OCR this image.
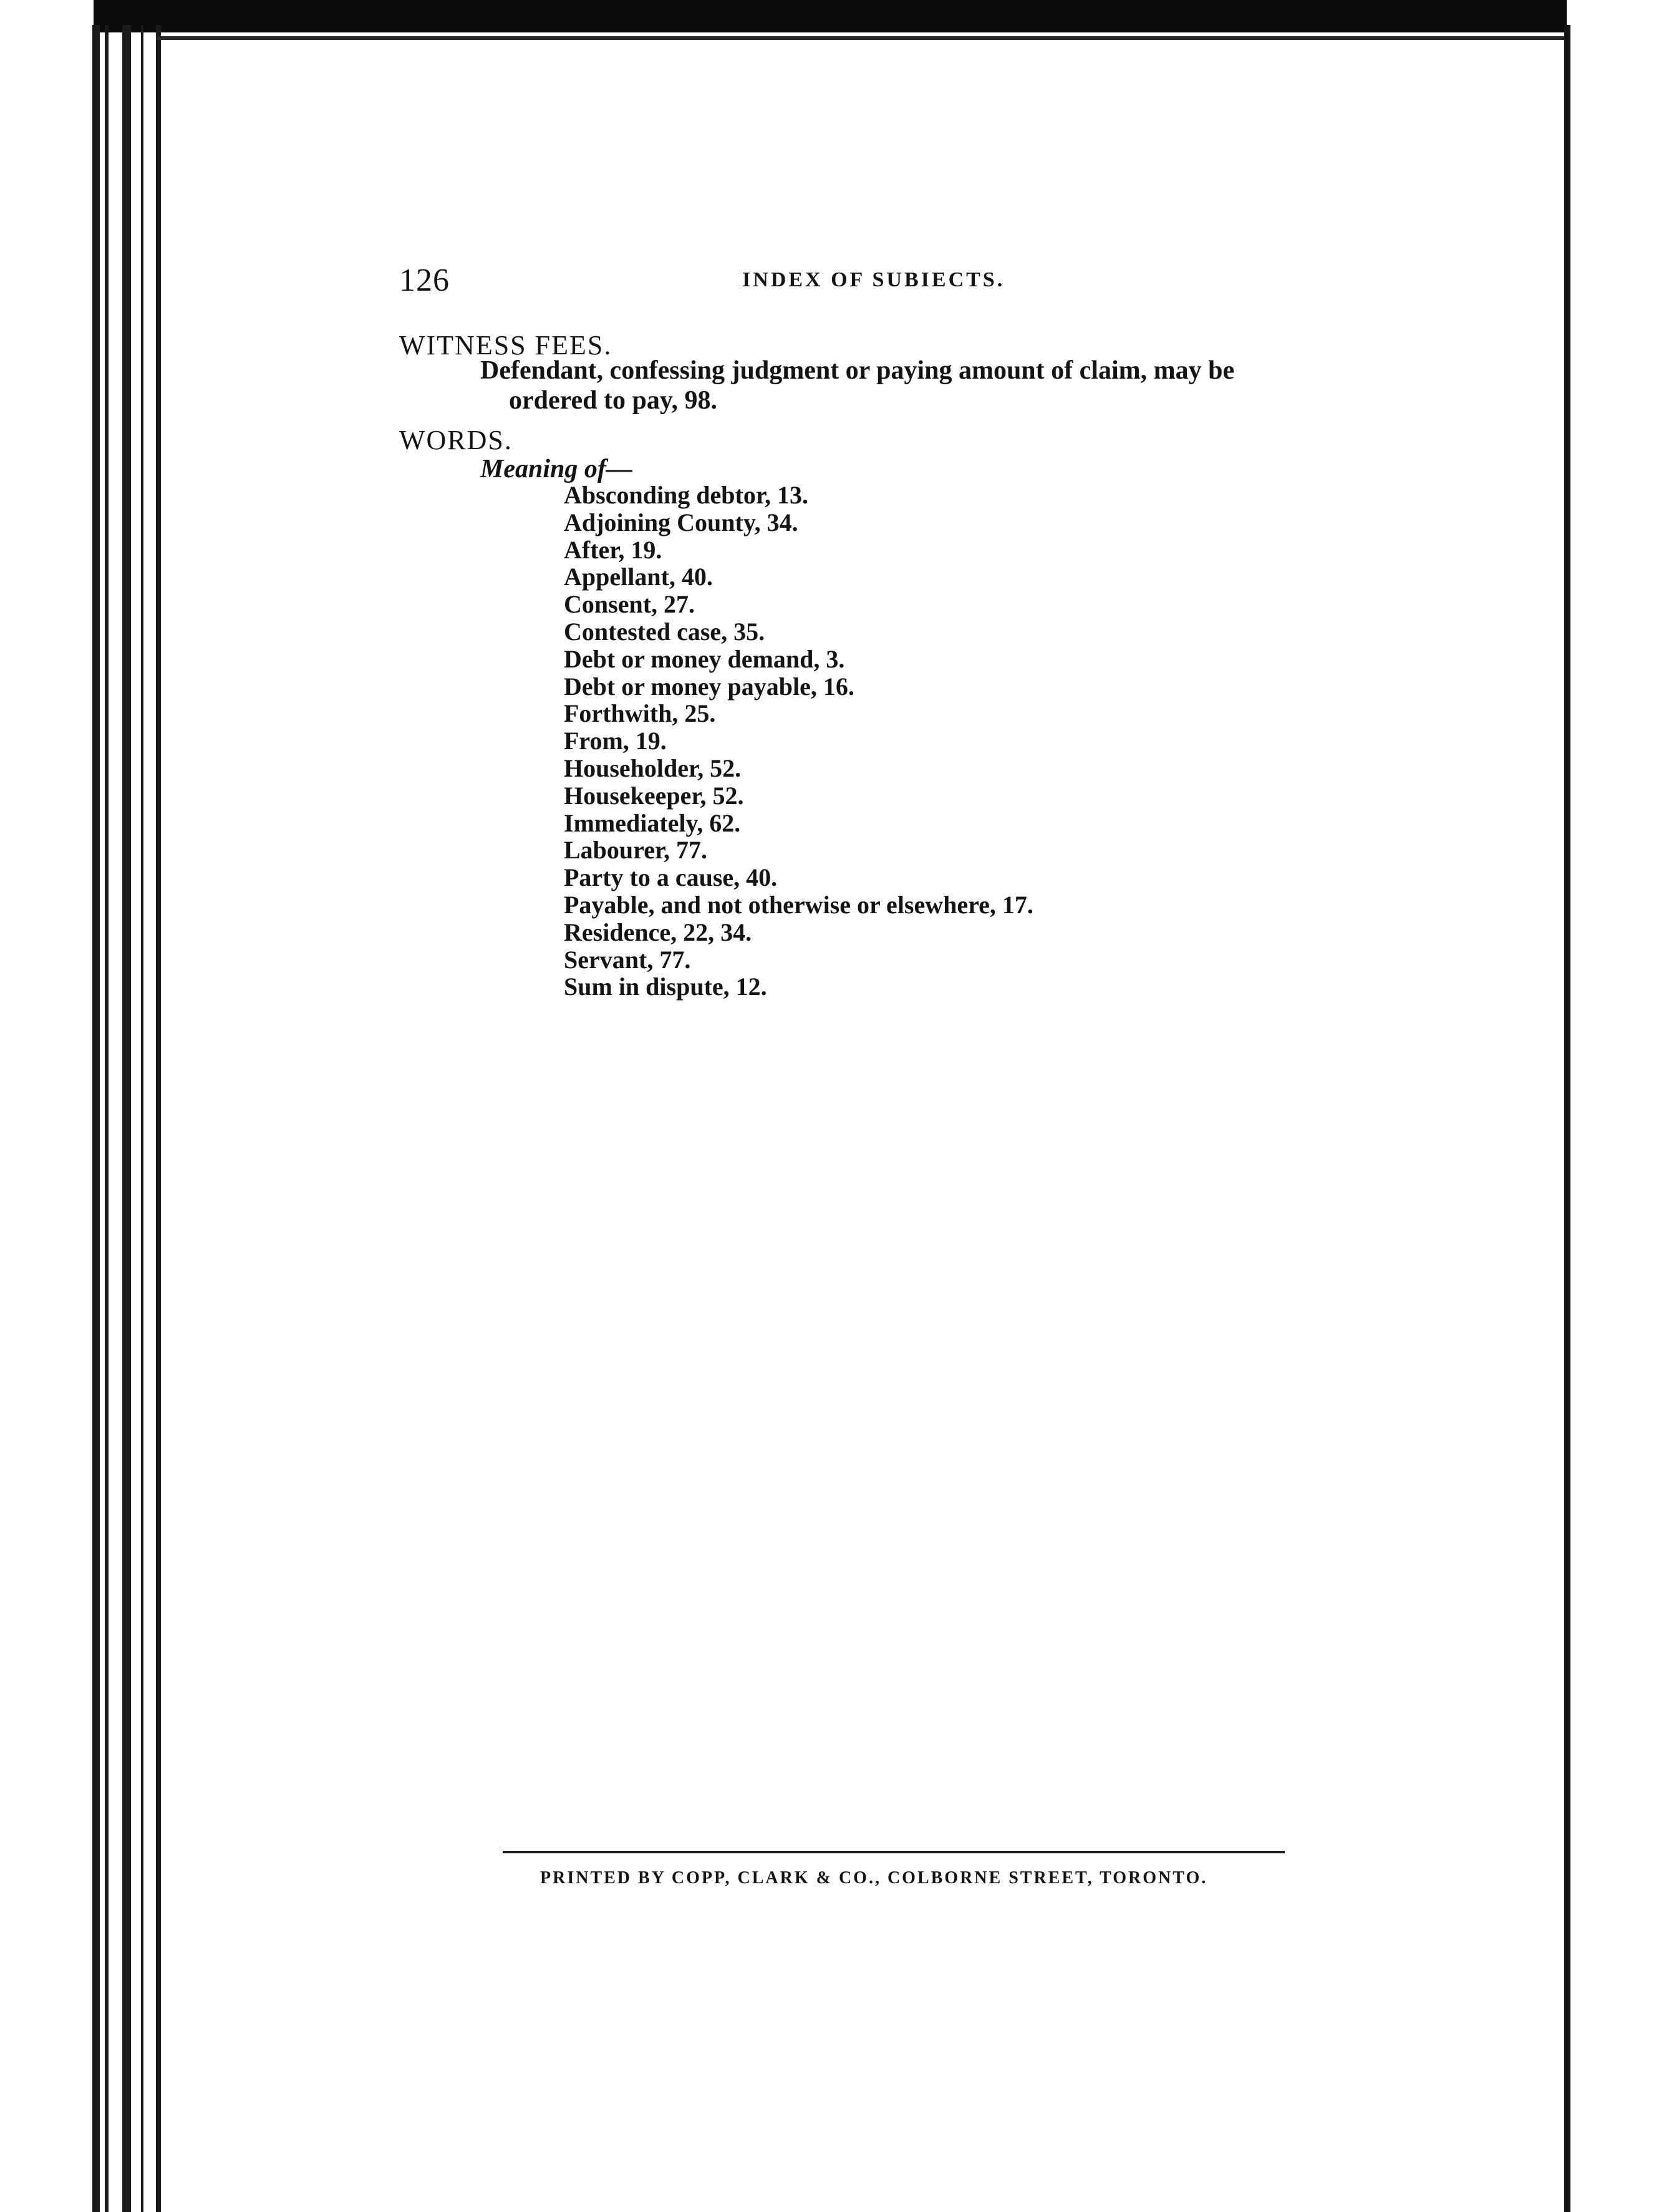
126	INDEX OF SUBIECTS.
WITNESS FEES.
Defendant, confessing judgment or paying amount of claim, may be
ordered to pay, 98.
WORDS.
Meaning of—
Absconding debtor, 13.
Adjoining County, 34.
After, 19.
Appellant, 40.
Consent, 27.
Contested case, 35.
Debt or money demand, 3.
Debt or money payable, 16.
Forthwith, 25.
From, 19.
Householder, 52.
Housekeeper, 52.
Immediately, 62.
Labourer, 77.
Party to a cause, 40.
Payable, and not otherwise or elsewhere, 17.
Residence, 22, 34.
Servant, 77.
Sum in dispute, 12.
PRINTED BY COPP, CLARK & CO., COLBORNE STREET, TORONTO.
